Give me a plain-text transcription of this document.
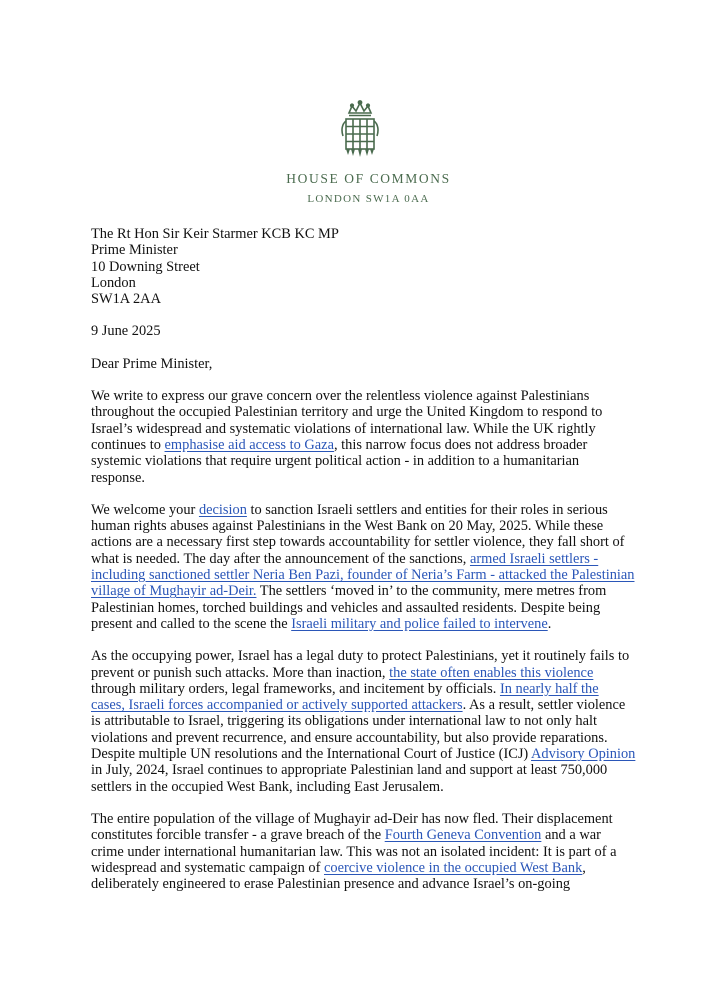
HOUSE OF COMMONS
LONDON SW1A 0AA
The Rt Hon Sir Keir Starmer KCB KC MP
Prime Minister
10 Downing Street
London
SW1A 2AA
9 June 2025
Dear Prime Minister,

We write to express our grave concern over the relentless violence against Palestinians throughout the occupied Palestinian territory and urge the United Kingdom to respond to Israel’s widespread and systematic violations of international law. While the UK rightly continues to emphasise aid access to Gaza, this narrow focus does not address broader systemic violations that require urgent political action - in addition to a humanitarian response.

We welcome your decision to sanction Israeli settlers and entities for their roles in serious human rights abuses against Palestinians in the West Bank on 20 May, 2025. While these actions are a necessary first step towards accountability for settler violence, they fall short of what is needed. The day after the announcement of the sanctions, armed Israeli settlers - including sanctioned settler Neria Ben Pazi, founder of Neria’s Farm - attacked the Palestinian village of Mughayir ad-Deir. The settlers ‘moved in’ to the community, mere metres from Palestinian homes, torched buildings and vehicles and assaulted residents. Despite being present and called to the scene the Israeli military and police failed to intervene.

As the occupying power, Israel has a legal duty to protect Palestinians, yet it routinely fails to prevent or punish such attacks. More than inaction, the state often enables this violence through military orders, legal frameworks, and incitement by officials. In nearly half the cases, Israeli forces accompanied or actively supported attackers. As a result, settler violence is attributable to Israel, triggering its obligations under international law to not only halt violations and prevent recurrence, and ensure accountability, but also provide reparations. Despite multiple UN resolutions and the International Court of Justice (ICJ) Advisory Opinion in July, 2024, Israel continues to appropriate Palestinian land and support at least 750,000 settlers in the occupied West Bank, including East Jerusalem.

The entire population of the village of Mughayir ad-Deir has now fled. Their displacement constitutes forcible transfer - a grave breach of the Fourth Geneva Convention and a war crime under international humanitarian law. This was not an isolated incident: It is part of a widespread and systematic campaign of coercive violence in the occupied West Bank, deliberately engineered to erase Palestinian presence and advance Israel’s on-going
